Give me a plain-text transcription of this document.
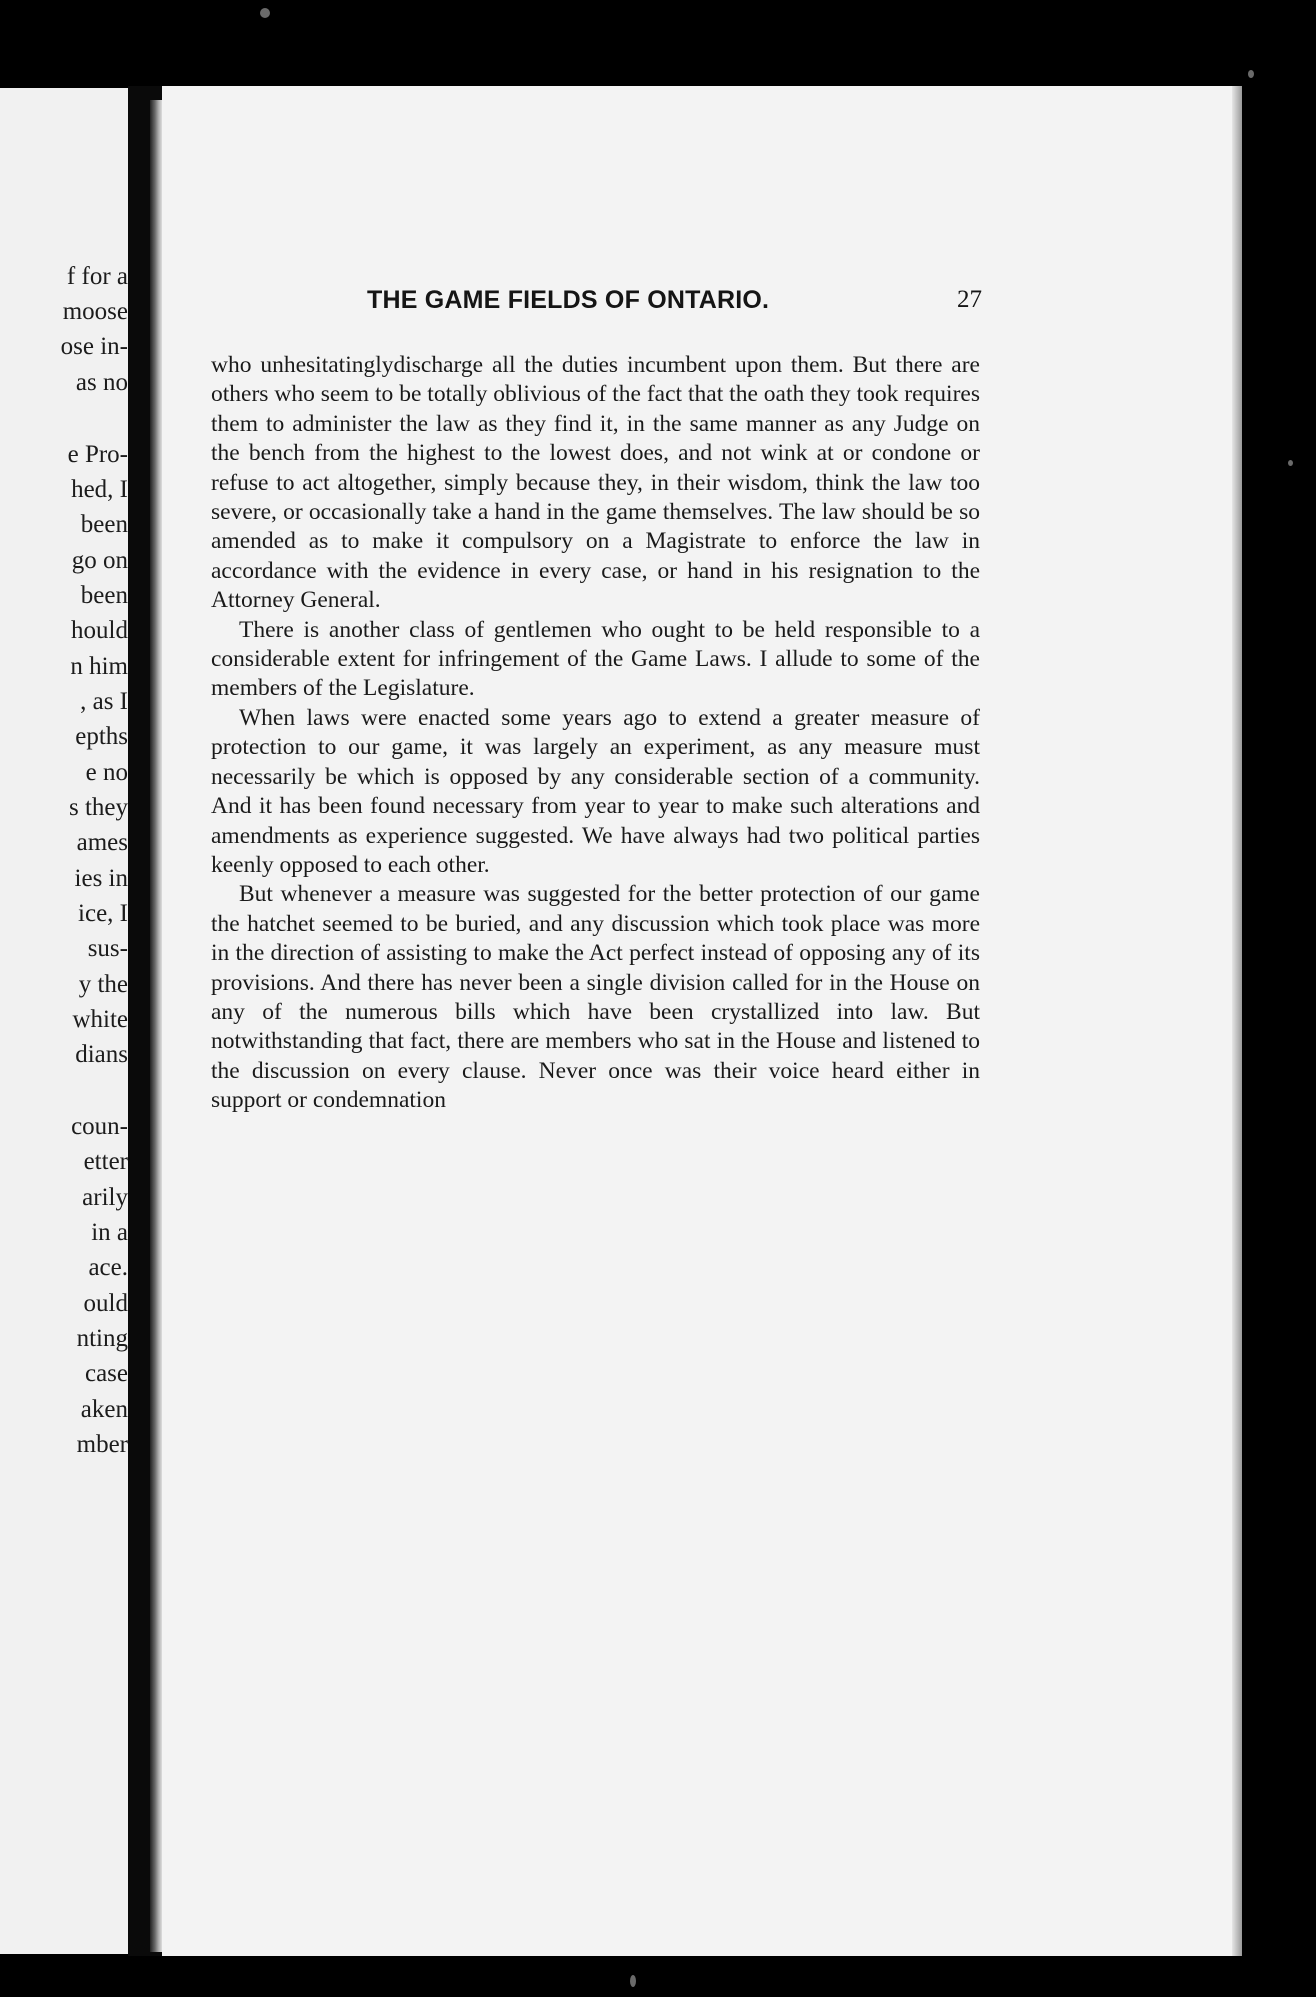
f for a
moose
ose in-
as no
e Pro-
hed, I
been
go on
been
hould
n him
, as I
epths
e no
s they
ames
ies in
ice, I
sus-
y the
white
dians
coun-
etter
arily
in a
ace.
ould
nting
case
aken
mber
THE GAME FIELDS OF ONTARIO.	27

who unhesitatinglydischarge all the duties incumbent upon them. But there are others who seem to be totally oblivious of the fact that the oath they took requires them to administer the law as they find it, in the same manner as any Judge on the bench from the highest to the lowest does, and not wink at or condone or refuse to act altogether, simply because they, in their wisdom, think the law too severe, or occasionally take a hand in the game themselves. The law should be so amended as to make it compulsory on a Magistrate to enforce the law in accordance with the evidence in every case, or hand in his resignation to the Attorney General.

There is another class of gentlemen who ought to be held responsible to a considerable extent for infringement of the Game Laws. I allude to some of the members of the Legislature.

When laws were enacted some years ago to extend a greater measure of protection to our game, it was largely an experiment, as any measure must necessarily be which is opposed by any considerable section of a community. And it has been found necessary from year to year to make such alterations and amendments as experience suggested. We have always had two political parties keenly opposed to each other.

But whenever a measure was suggested for the better protection of our game the hatchet seemed to be buried, and any discussion which took place was more in the direction of assisting to make the Act perfect instead of opposing any of its provisions. And there has never been a single division called for in the House on any of the numerous bills which have been crystallized into law. But notwithstanding that fact, there are members who sat in the House and listened to the discussion on every clause. Never once was their voice heard either in support or condemnation
